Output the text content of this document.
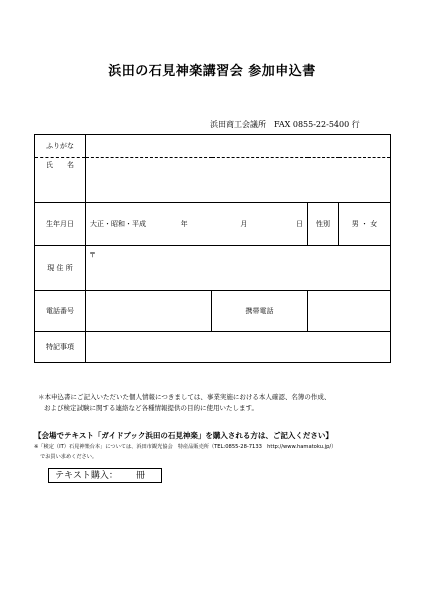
浜田の石見神楽講習会 参加申込書
浜田商工会議所　FAX 0855-22-5400 行
ふりがな				
氏　　名				
生年月日	大正・昭和・平成 年 月 日		性別	男 ・ 女
現 住 所	〒			
電話番号		携帯電話		
特記事項				
＊本申込書にご記入いただいた個人情報につきましては、事業実施における本人確認、名簿の作成、
および検定試験に関する連絡など各種情報提供の目的に使用いたします。
【会場でテキスト「ガイドブック浜田の石見神楽」を購入される方は、ご記入ください】
※「検定（IT）石見神楽台本」については、浜田市観光協会　特産品販売所（TEL:0855-28-7133　http://www.hamatoku.jp/）
でお買い求めください。
テキスト購入： 冊
